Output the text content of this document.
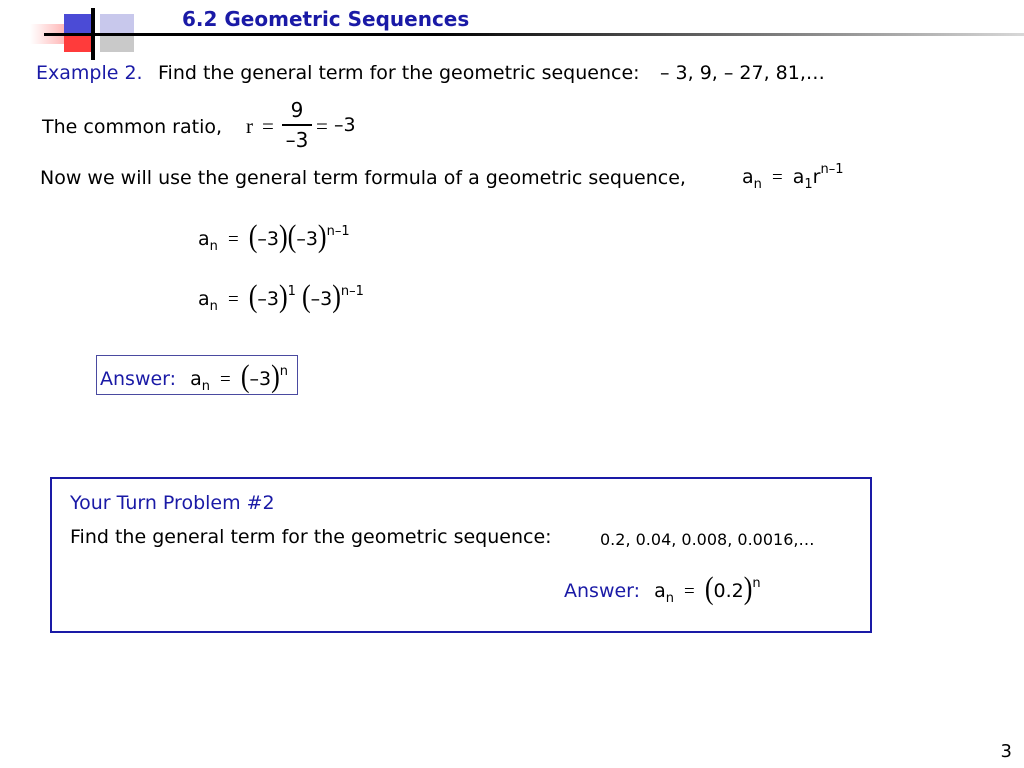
6.2 Geometric Sequences
Example 2. Find the general term for the geometric sequence: – 3, 9, – 27, 81,…
The common ratio, r =
9
–3
= –3
Now we will use the general term formula of a geometric sequence,	$a_n = a_1r^{n-1}$
$a_n = (-3)(-3)^{n-1}$
$a_n = (-3)^1$ $(-3)^{n-1}$
Answer: $a_n = (-3)^n$
Your Turn Problem #2
Find the general term for the geometric sequence:	0.2, 0.04, 0.008, 0.0016,…
Answer: $a_n = (0.2)^n$
3
